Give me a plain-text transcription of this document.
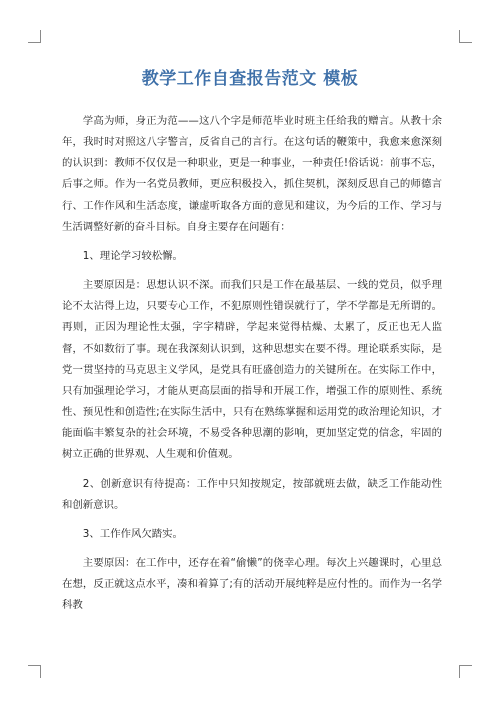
教学工作自查报告范文 模板

学高为师，身正为范——这八个字是师范毕业时班主任给我的赠言。从教十余年，我时时对照这八字警言，反省自己的言行。在这句话的鞭策中，我愈来愈深刻的认识到：教师不仅仅是一种职业，更是一种事业，一种责任!俗话说：前事不忘，后事之师。作为一名党员教师，更应积极投入，抓住契机，深刻反思自己的师德言行、工作作风和生活态度，谦虚听取各方面的意见和建议，为今后的工作、学习与生活调整好新的奋斗目标。自身主要存在问题有：

1、理论学习较松懈。

主要原因是：思想认识不深。而我们只是工作在最基层、一线的党员，似乎理论不太沾得上边，只要专心工作，不犯原则性错误就行了，学不学都是无所谓的。再则，正因为理论性太强，字字精辟，学起来觉得枯燥、太累了，反正也无人监督，不如数衍了事。现在我深刻认识到，这种思想实在要不得。理论联系实际，是党一贯坚持的马克思主义学风，是党具有旺盛创造力的关键所在。在实际工作中，只有加强理论学习，才能从更高层面的指导和开展工作，增强工作的原则性、系统性、预见性和创造性;在实际生活中，只有在熟练掌握和运用党的政治理论知识，才能面临丰繁复杂的社会环境，不易受各种思潮的影响，更加坚定党的信念，牢固的树立正确的世界观、人生观和价值观。

2、创新意识有待提高：工作中只知按规定，按部就班去做，缺乏工作能动性和创新意识。

3、工作作风欠踏实。

主要原因：在工作中，还存在着“偷懒”的侥幸心理。每次上兴趣课时，心里总在想，反正就这点水平，凑和着算了;有的活动开展纯粹是应付性的。而作为一名学科教
